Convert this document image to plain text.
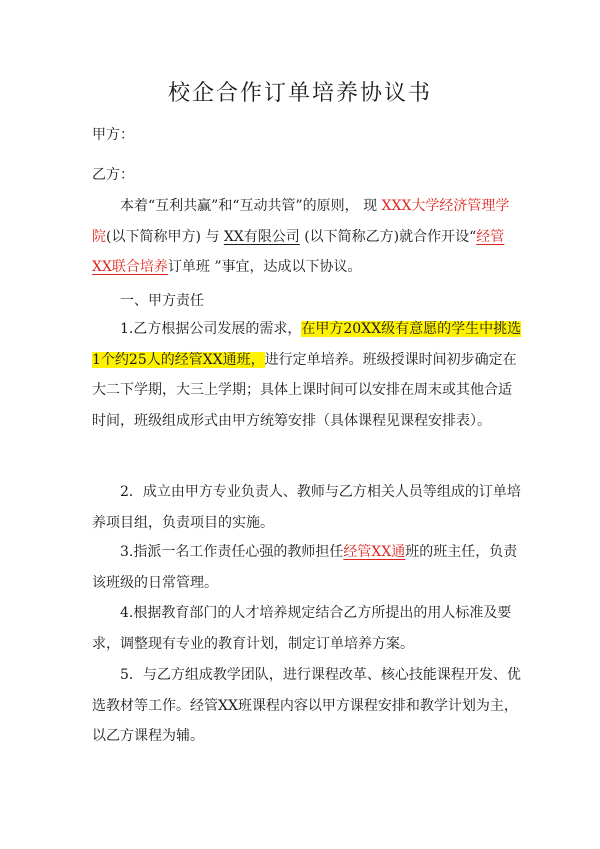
校企合作订单培养协议书
甲方：
乙方：
本着“互利共赢”和“互动共管”的原则， 现 XXX大学经济管理学院(以下简称甲方) 与 XX有限公司 (以下简称乙方)就合作开设“经管XX联合培养订单班 ”事宜，达成以下协议。
一、甲方责任
1.乙方根据公司发展的需求，在甲方20XX级有意愿的学生中挑选1个约25人的经管XX通班，进行定单培养。班级授课时间初步确定在大二下学期，大三上学期；具体上课时间可以安排在周末或其他合适时间，班级组成形式由甲方统筹安排（具体课程见课程安排表）。
2．成立由甲方专业负责人、教师与乙方相关人员等组成的订单培养项目组，负责项目的实施。
3.指派一名工作责任心强的教师担任经管XX通班的班主任，负责该班级的日常管理。
4.根据教育部门的人才培养规定结合乙方所提出的用人标准及要求，调整现有专业的教育计划，制定订单培养方案。
5．与乙方组成教学团队，进行课程改革、核心技能课程开发、优选教材等工作。经管XX班课程内容以甲方课程安排和教学计划为主，以乙方课程为辅。
